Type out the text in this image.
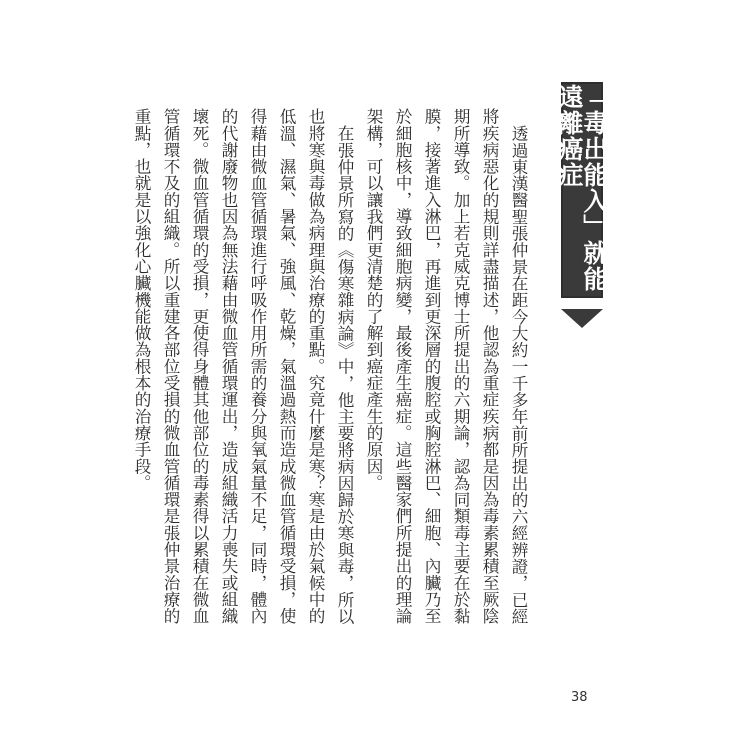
「毒出能入」就能遠離癌症

透過東漢醫聖張仲景在距今大約一千多年前所提出的六經辨證，已經將疾病惡化的規則詳盡描述，他認為重症疾病都是因為毒素累積至厥陰期所導致。加上若克威克博士所提出的六期論，認為同類毒主要在於黏膜，接著進入淋巴，再進到更深層的腹腔或胸腔淋巴、細胞、內臟乃至於細胞核中，導致細胞病變，最後產生癌症。這些醫家們所提出的理論架構，可以讓我們更清楚的了解到癌症產生的原因。

在張仲景所寫的《傷寒雜病論》中，他主要將病因歸於寒與毒，所以也將寒與毒做為病理與治療的重點。究竟什麼是寒？寒是由於氣候中的低溫、濕氣、暑氣、強風、乾燥，氣溫過熱而造成微血管循環受損，使得藉由微血管循環進行呼吸作用所需的養分與氧氣量不足，同時，體內的代謝廢物也因為無法藉由微血管循環運出，造成組織活力喪失或組織壞死。微血管循環的受損，更使得身體其他部位的毒素得以累積在微血管循環不及的組織。所以重建各部位受損的微血管循環是張仲景治療的重點，也就是以強化心臟機能做為根本的治療手段。

38
